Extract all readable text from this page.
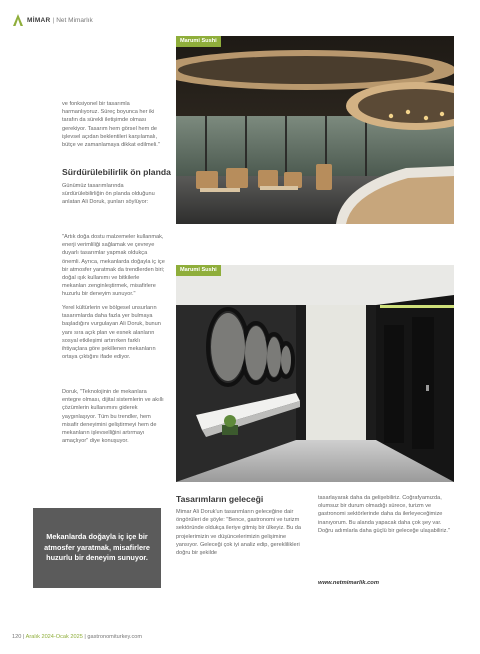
MİMAR | Net Mimarlık

ve fonksiyonel bir tasarımla harmanlıyoruz. Süreç boyunca her iki tarafın da sürekli iletişimde olması gerekiyor. Tasarım hem görsel hem de işlevsel açıdan beklentileri karşılamalı, bütçe ve zamanlamaya dikkat edilmeli."

Sürdürülebilirlik ön planda

Günümüz tasarımlarında sürdürülebilirliğin ön planda olduğunu anlatan Ali Doruk, şunları söylüyor:

"Artık doğa dostu malzemeler kullanmak, enerji verimliliği sağlamak ve çevreye duyarlı tasarımlar yapmak oldukça önemli. Ayrıca, mekanlarda doğayla iç içe bir atmosfer yaratmak da trendlerden biri; doğal ışık kullanımı ve bitkilerle mekanları zenginleştirmek, misafirlere huzurlu bir deneyim sunuyor."

Yerel kültürlerin ve bölgesel unsurların tasarımlarda daha fazla yer bulmaya başladığını vurgulayan Ali Doruk, bunun yanı sıra açık plan ve esnek alanların sosyal etkileşimi artırırken farklı ihtiyaçlara göre şekillenen mekanların ortaya çıktığını ifade ediyor.

Doruk, "Teknolojinin de mekanlara entegre olması, dijital sistemlerin ve akıllı çözümlerin kullanımını giderek yaygınlaşıyor. Tüm bu trendler, hem misafir deneyimini geliştirmeyi hem de mekanların işlevselliğini artırmayı amaçlıyor" diye konuşuyor.

Marumi Sushi
Marumi Sushi
Mekanlarda doğayla iç içe bir atmosfer yaratmak, misafirlere huzurlu bir deneyim sunuyor.
Tasarımların geleceği

Mimar Ali Doruk'un tasarımların geleceğine dair öngörüleri de şöyle: "Bence, gastronomi ve turizm sektöründe oldukça ileriye gitmiş bir ülkeyiz. Bu da projelerimizin ve düşüncelerimizin gelişimine yansıyor. Geleceği çok iyi analiz edip, gereklilikleri doğru bir şekilde

tasarlayarak daha da gelişebiliriz. Coğrafyamızda, olumsuz bir durum olmadığı sürece, turizm ve gastronomi sektörlerinde daha da ilerleyeceğimize inanıyorum. Bu alanda yapacak daha çok şey var. Doğru adımlarla daha güçlü bir geleceğe ulaşabiliriz."

www.netmimarlik.com
120 | Aralık 2024-Ocak 2025 | gastronomiturkey.com
